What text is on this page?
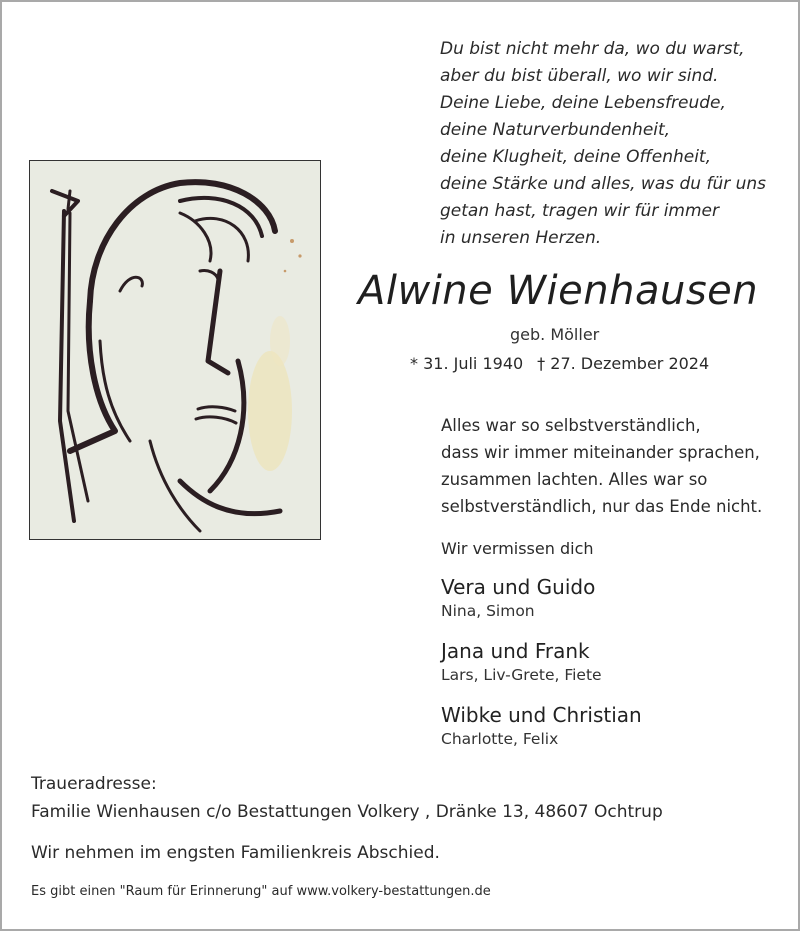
Du bist nicht mehr da, wo du warst,
aber du bist überall, wo wir sind.
Deine Liebe, deine Lebensfreude,
deine Naturverbundenheit,
deine Klugheit, deine Offenheit,
deine Stärke und alles, was du für uns
getan hast, tragen wir für immer
in unseren Herzen.
Alwine Wienhausen
geb. Möller
* 31. Juli 1940 † 27. Dezember 2024
Alles war so selbstverständlich,
dass wir immer miteinander sprachen,
zusammen lachten. Alles war so
selbstverständlich, nur das Ende nicht.
Wir vermissen dich
Vera und Guido
Nina, Simon
Jana und Frank
Lars, Liv-Grete, Fiete
Wibke und Christian
Charlotte, Felix
Traueradresse:
Familie Wienhausen c/o Bestattungen Volkery , Dränke 13, 48607 Ochtrup
Wir nehmen im engsten Familienkreis Abschied.
Es gibt einen "Raum für Erinnerung" auf www.volkery-bestattungen.de
